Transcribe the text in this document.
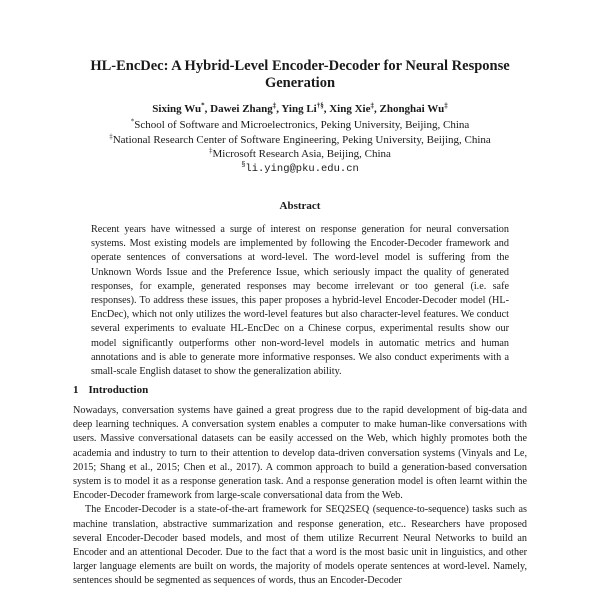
HL-EncDec: A Hybrid-Level Encoder-Decoder for Neural Response Generation
Sixing Wu*, Dawei Zhang‡, Ying Li†§, Xing Xie‡, Zhonghai Wu‡
*School of Software and Microelectronics, Peking University, Beijing, China
‡National Research Center of Software Engineering, Peking University, Beijing, China
‡Microsoft Research Asia, Beijing, China
§li.ying@pku.edu.cn
Abstract
Recent years have witnessed a surge of interest on response generation for neural conversation systems. Most existing models are implemented by following the Encoder-Decoder framework and operate sentences of conversations at word-level. The word-level model is suffering from the Unknown Words Issue and the Preference Issue, which seriously impact the quality of generated responses, for example, generated responses may become irrelevant or too general (i.e. safe responses). To address these issues, this paper proposes a hybrid-level Encoder-Decoder model (HL-EncDec), which not only utilizes the word-level features but also character-level features. We conduct several experiments to evaluate HL-EncDec on a Chinese corpus, experimental results show our model significantly outperforms other non-word-level models in automatic metrics and human annotations and is able to generate more informative responses. We also conduct experiments with a small-scale English dataset to show the generalization ability.
1 Introduction

Nowadays, conversation systems have gained a great progress due to the rapid development of big-data and deep learning techniques. A conversation system enables a computer to make human-like conversations with users. Massive conversational datasets can be easily accessed on the Web, which highly promotes both the academia and industry to turn to their attention to develop data-driven conversation systems (Vinyals and Le, 2015; Shang et al., 2015; Chen et al., 2017). A common approach to build a generation-based conversation system is to model it as a response generation task. And a response generation model is often learnt within the Encoder-Decoder framework from large-scale conversational data from the Web.

The Encoder-Decoder is a state-of-the-art framework for SEQ2SEQ (sequence-to-sequence) tasks such as machine translation, abstractive summarization and response generation, etc.. Researchers have proposed several Encoder-Decoder based models, and most of them utilize Recurrent Neural Networks to build an Encoder and an attentional Decoder. Due to the fact that a word is the most basic unit in linguistics, and other larger language elements are built on words, the majority of models operate sentences at word-level. Namely, sentences should be segmented as sequences of words, thus an Encoder-Decoder
